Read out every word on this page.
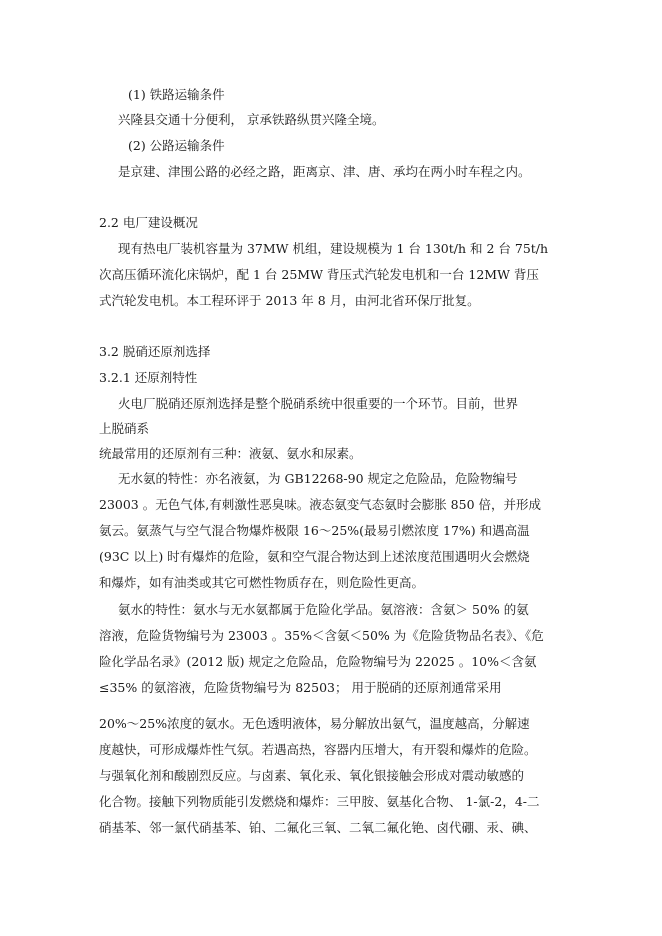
(1) 铁路运输条件
兴隆县交通十分便利， 京承铁路纵贯兴隆全境。
(2) 公路运输条件
是京建、津围公路的必经之路，距离京、津、唐、承均在两小时车程之内。
2.2 电厂建设概况
现有热电厂装机容量为 37MW 机组，建设规模为 1 台 130t/h 和 2 台 75t/h
次高压循环流化床锅炉，配 1 台 25MW 背压式汽轮发电机和一台 12MW 背压
式汽轮发电机。本工程环评于 2013 年 8 月，由河北省环保厅批复。
3.2 脱硝还原剂选择
3.2.1 还原剂特性
火电厂脱硝还原剂选择是整个脱硝系统中很重要的一个环节。目前，世界
上脱硝系
统最常用的还原剂有三种：液氨、氨水和尿素。
无水氨的特性：亦名液氨，为 GB12268-90 规定之危险品，危险物编号
23003 。无色气体,有刺激性恶臭味。液态氨变气态氨时会膨胀 850 倍，并形成
氨云。氨蒸气与空气混合物爆炸极限 16～25%(最易引燃浓度 17%) 和遇高温
(93C 以上) 时有爆炸的危险，氨和空气混合物达到上述浓度范围遇明火会燃烧
和爆炸，如有油类或其它可燃性物质存在，则危险性更高。
氨水的特性：氨水与无水氨都属于危险化学品。氨溶液：含氨＞ 50% 的氨
溶液，危险货物编号为 23003 。35%＜含氨＜50% 为《危险货物品名表》、《危
险化学品名录》(2012 版) 规定之危险品，危险物编号为 22025 。10%＜含氨
≤35% 的氨溶液，危险货物编号为 82503； 用于脱硝的还原剂通常采用
20%～25%浓度的氨水。无色透明液体，易分解放出氨气，温度越高，分解速
度越快，可形成爆炸性气氛。若遇高热，容器内压增大，有开裂和爆炸的危险。
与强氧化剂和酸剧烈反应。与卤素、氧化汞、氧化银接触会形成对震动敏感的
化合物。接触下列物质能引发燃烧和爆炸：三甲胺、氨基化合物、 1-氯-2，4-二
硝基苯、邻一氯代硝基苯、铂、二氟化三氧、二氧二氟化铯、卤代硼、汞、碘、
